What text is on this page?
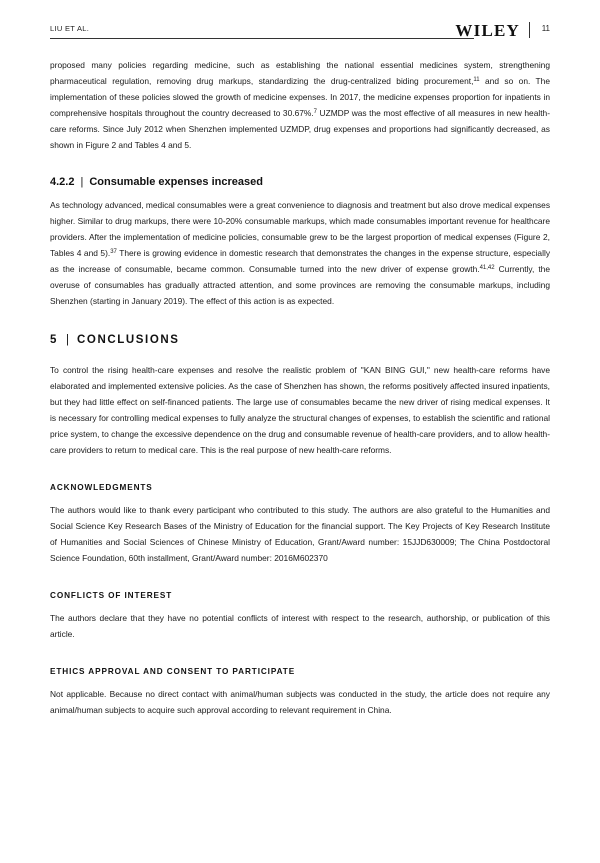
LIU ET AL.	WILEY	11

proposed many policies regarding medicine, such as establishing the national essential medicines system, strengthening pharmaceutical regulation, removing drug markups, standardizing the drug-centralized biding procurement,$^{11}$ and so on. The implementation of these policies slowed the growth of medicine expenses. In 2017, the medicine expenses proportion for inpatients in comprehensive hospitals throughout the country decreased to 30.67%.$^7$ UZMDP was the most effective of all measures in new health-care reforms. Since July 2012 when Shenzhen implemented UZMDP, drug expenses and proportions had significantly decreased, as shown in Figure 2 and Tables 4 and 5.

4.2.2 | Consumable expenses increased

As technology advanced, medical consumables were a great convenience to diagnosis and treatment but also drove medical expenses higher. Similar to drug markups, there were 10-20% consumable markups, which made consumables important revenue for healthcare providers. After the implementation of medicine policies, consumable grew to be the largest proportion of medical expenses (Figure 2, Tables 4 and 5).$^{37}$ There is growing evidence in domestic research that demonstrates the changes in the expense structure, especially as the increase of consumable, became common. Consumable turned into the new driver of expense growth.$^{41,42}$ Currently, the overuse of consumables has gradually attracted attention, and some provinces are removing the consumable markups, including Shenzhen (starting in January 2019). The effect of this action is as expected.

5 | CONCLUSIONS

To control the rising health-care expenses and resolve the realistic problem of "KAN BING GUI," new health-care reforms have elaborated and implemented extensive policies. As the case of Shenzhen has shown, the reforms positively affected insured inpatients, but they had little effect on self-financed patients. The large use of consumables became the new driver of rising medical expenses. It is necessary for controlling medical expenses to fully analyze the structural changes of expenses, to establish the scientific and rational price system, to change the excessive dependence on the drug and consumable revenue of health-care providers, and to allow health-care providers to return to medical care. This is the real purpose of new health-care reforms.

ACKNOWLEDGMENTS

The authors would like to thank every participant who contributed to this study. The authors are also grateful to the Humanities and Social Science Key Research Bases of the Ministry of Education for the financial support. The Key Projects of Key Research Institute of Humanities and Social Sciences of Chinese Ministry of Education, Grant/Award number: 15JJD630009; The China Postdoctoral Science Foundation, 60th installment, Grant/Award number: 2016M602370

CONFLICTS OF INTEREST

The authors declare that they have no potential conflicts of interest with respect to the research, authorship, or publication of this article.

ETHICS APPROVAL AND CONSENT TO PARTICIPATE

Not applicable. Because no direct contact with animal/human subjects was conducted in the study, the article does not require any animal/human subjects to acquire such approval according to relevant requirement in China.
